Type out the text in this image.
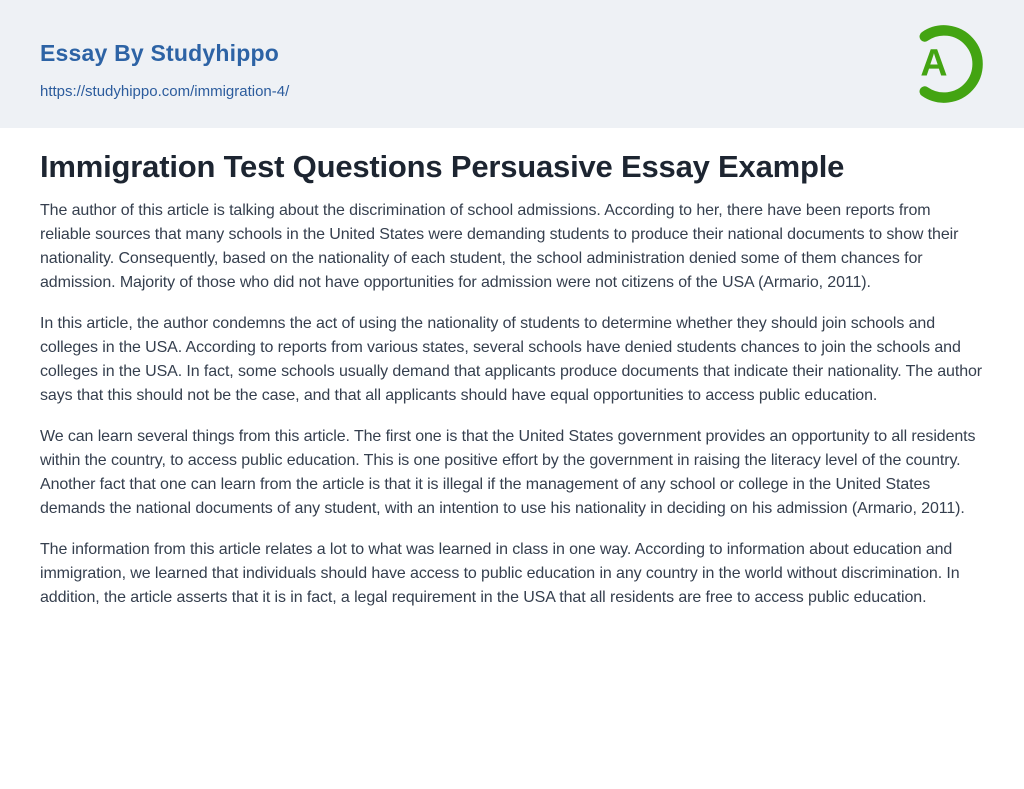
Essay By Studyhippo
https://studyhippo.com/immigration-4/
A
Immigration Test Questions Persuasive Essay Example

The author of this article is talking about the discrimination of school admissions. According to her, there have been reports from reliable sources that many schools in the United States were demanding students to produce their national documents to show their nationality. Consequently, based on the nationality of each student, the school administration denied some of them chances for admission. Majority of those who did not have opportunities for admission were not citizens of the USA (Armario, 2011).

In this article, the author condemns the act of using the nationality of students to determine whether they should join schools and colleges in the USA. According to reports from various states, several schools have denied students chances to join the schools and colleges in the USA. In fact, some schools usually demand that applicants produce documents that indicate their nationality. The author says that this should not be the case, and that all applicants should have equal opportunities to access public education.

We can learn several things from this article. The first one is that the United States government provides an opportunity to all residents within the country, to access public education. This is one positive effort by the government in raising the literacy level of the country. Another fact that one can learn from the article is that it is illegal if the management of any school or college in the United States demands the national documents of any student, with an intention to use his nationality in deciding on his admission (Armario, 2011).

The information from this article relates a lot to what was learned in class in one way. According to information about education and immigration, we learned that individuals should have access to public education in any country in the world without discrimination. In addition, the article asserts that it is in fact, a legal requirement in the USA that all residents are free to access public education.
